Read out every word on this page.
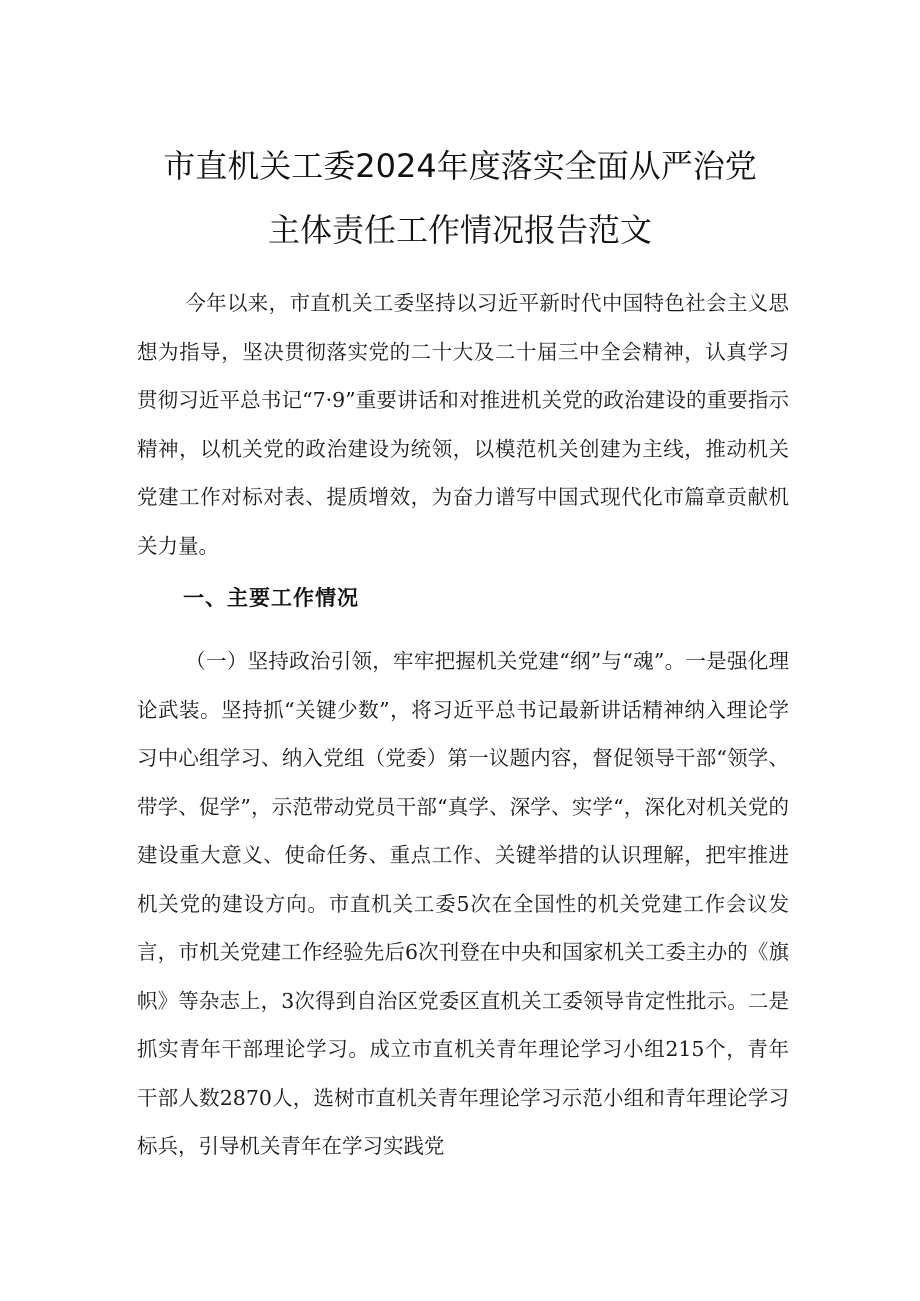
市直机关工委2024年度落实全面从严治党
主体责任工作情况报告范文
今年以来，市直机关工委坚持以习近平新时代中国特色社会主义思想为指导，坚决贯彻落实党的二十大及二十届三中全会精神，认真学习贯彻习近平总书记“7·9”重要讲话和对推进机关党的政治建设的重要指示精神，以机关党的政治建设为统领，以模范机关创建为主线，推动机关党建工作对标对表、提质增效，为奋力谱写中国式现代化市篇章贡献机关力量。
一、主要工作情况
（一）坚持政治引领，牢牢把握机关党建“纲”与“魂”。一是强化理论武装。坚持抓“关键少数”，将习近平总书记最新讲话精神纳入理论学习中心组学习、纳入党组（党委）第一议题内容，督促领导干部“领学、带学、促学”，示范带动党员干部“真学、深学、实学“，深化对机关党的建设重大意义、使命任务、重点工作、关键举措的认识理解，把牢推进机关党的建设方向。市直机关工委5次在全国性的机关党建工作会议发言，市机关党建工作经验先后6次刊登在中央和国家机关工委主办的《旗帜》等杂志上，3次得到自治区党委区直机关工委领导肯定性批示。二是抓实青年干部理论学习。成立市直机关青年理论学习小组215个，青年干部人数2870人，选树市直机关青年理论学习示范小组和青年理论学习标兵，引导机关青年在学习实践党
